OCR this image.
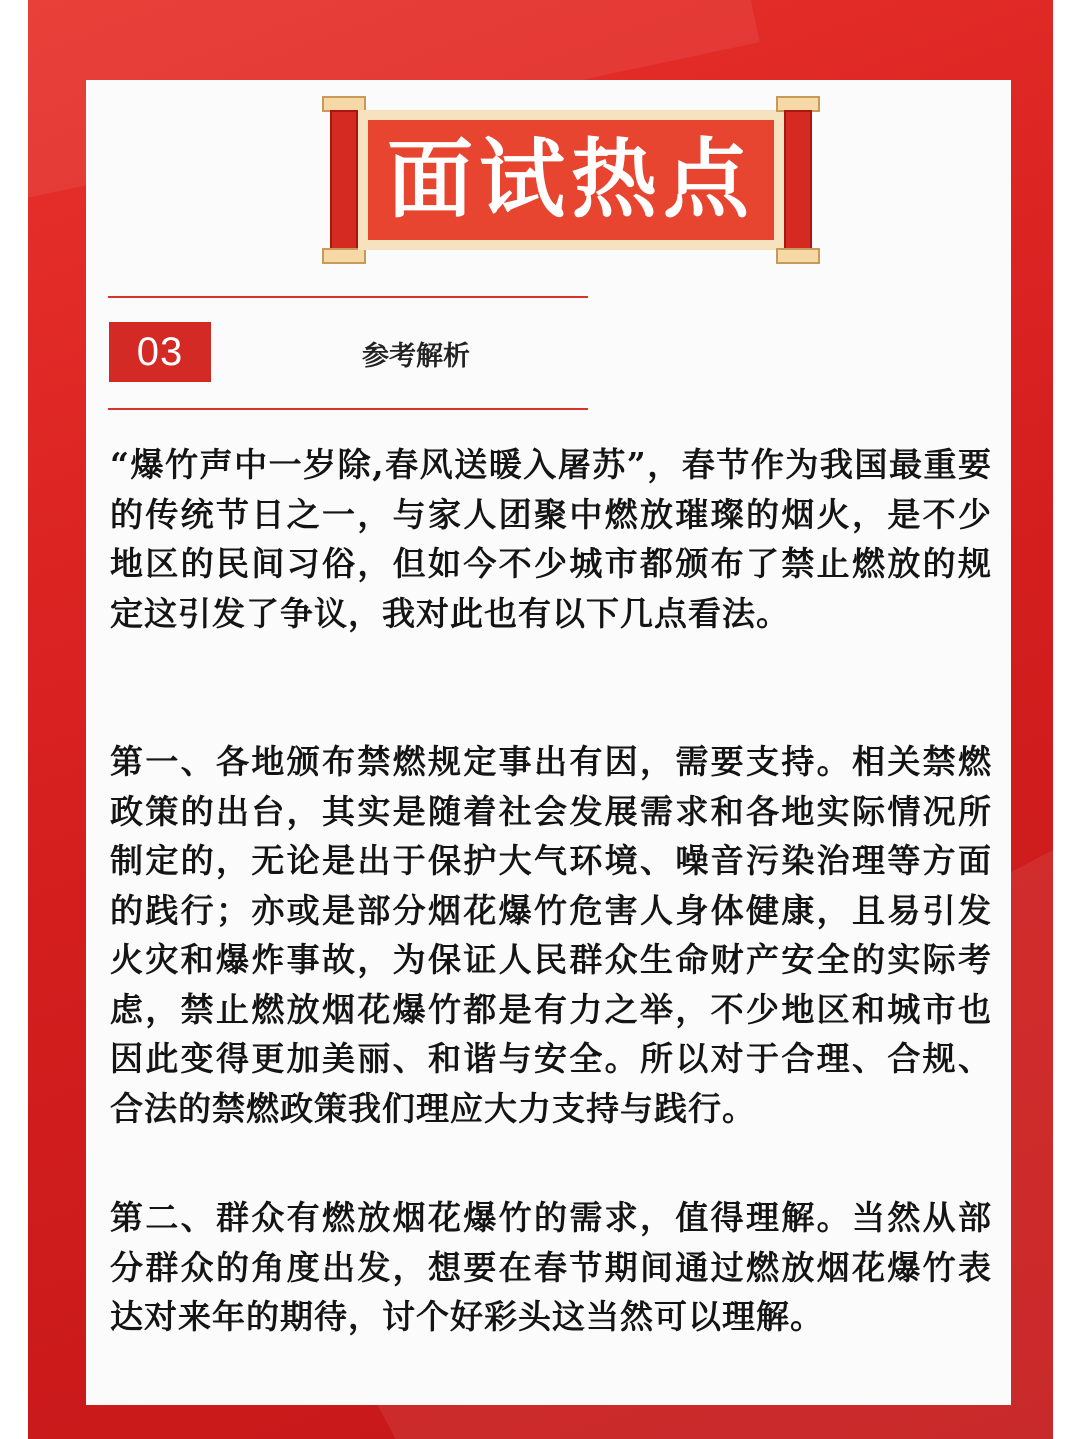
面试热点
03	参考解析

“爆竹声中一岁除,春风送暖入屠苏”，春节作为我国最重要的传统节日之一，与家人团聚中燃放璀璨的烟火，是不少地区的民间习俗，但如今不少城市都颁布了禁止燃放的规定这引发了争议，我对此也有以下几点看法。

第一、各地颁布禁燃规定事出有因，需要支持。相关禁燃政策的出台，其实是随着社会发展需求和各地实际情况所制定的，无论是出于保护大气环境、噪音污染治理等方面的践行；亦或是部分烟花爆竹危害人身体健康，且易引发火灾和爆炸事故，为保证人民群众生命财产安全的实际考虑，禁止燃放烟花爆竹都是有力之举，不少地区和城市也因此变得更加美丽、和谐与安全。所以对于合理、合规、合法的禁燃政策我们理应大力支持与践行。

第二、群众有燃放烟花爆竹的需求，值得理解。当然从部分群众的角度出发，想要在春节期间通过燃放烟花爆竹表达对来年的期待，讨个好彩头这当然可以理解。
